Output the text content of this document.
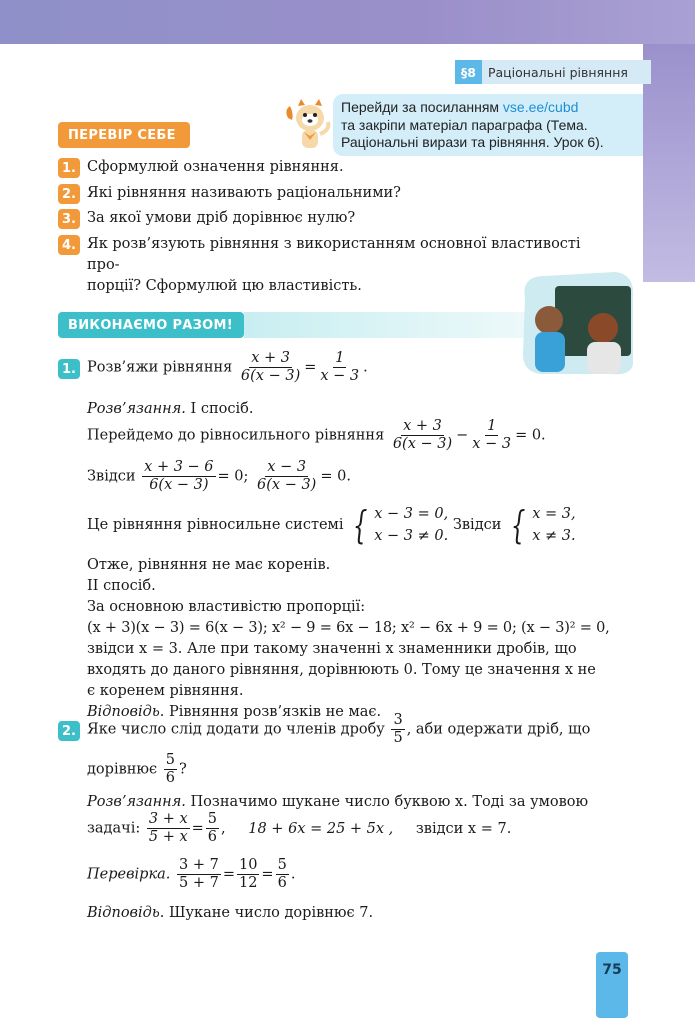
§8 Раціональні рівняння
Перейди за посиланням vse.ee/cubd
та закріпи матеріал параграфа (Тема.
Раціональні вирази та рівняння. Урок 6).
ПЕРЕВІР СЕБЕ
1. Сформулюй означення рівняння.
2. Які рівняння називають раціональними?
3. За якої умови дріб дорівнює нулю?
4. Як розв’язують рівняння з використанням основної властивості про-
порції? Сформулюй цю властивість.
ВИКОНАЄМО РАЗОМ!
1. Розв’яжи рівняння $\frac{x + 3}{6(x - 3)} = \frac{1}{x - 3}$ .
Розв’язання. І спосіб.
Перейдемо до рівносильного рівняння $\frac{x + 3}{6(x - 3)} - \frac{1}{x - 3} = 0$.
Звідси $\frac{x + 3 - 6}{6(x - 3)} = 0$; $\frac{x - 3}{6(x - 3)} = 0$.
Це рівняння рівносильне системі { x − 3 = 0,
x − 3 ≠ 0.
Звідси { x = 3,
x ≠ 3.
Отже, рівняння не має коренів.
ІІ спосіб.
За основною властивістю пропорції:
(x + 3)(x − 3) = 6(x − 3); x² − 9 = 6x − 18; x² − 6x + 9 = 0; (x − 3)² = 0,
звідси x = 3. Але при такому значенні x знаменники дробів, що
входять до даного рівняння, дорівнюють 0. Тому це значення x не
є коренем рівняння.
Відповідь. Рівняння розв’язків не має.
2. Яке число слід додати до членів дробу $\frac{3}{5}$ , аби одержати дріб, що
дорівнює $\frac{5}{6}$ ?
Розв’язання. Позначимо шукане число буквою x. Тоді за умовою
задачі: $\frac{3 + x}{5 + x} = \frac{5}{6}$ , 18 + 6x = 25 + 5x , звідси x = 7.
Перевірка. $\frac{3 + 7}{5 + 7} = \frac{10}{12} = \frac{5}{6}$ .
Відповідь. Шукане число дорівнює 7.
75
